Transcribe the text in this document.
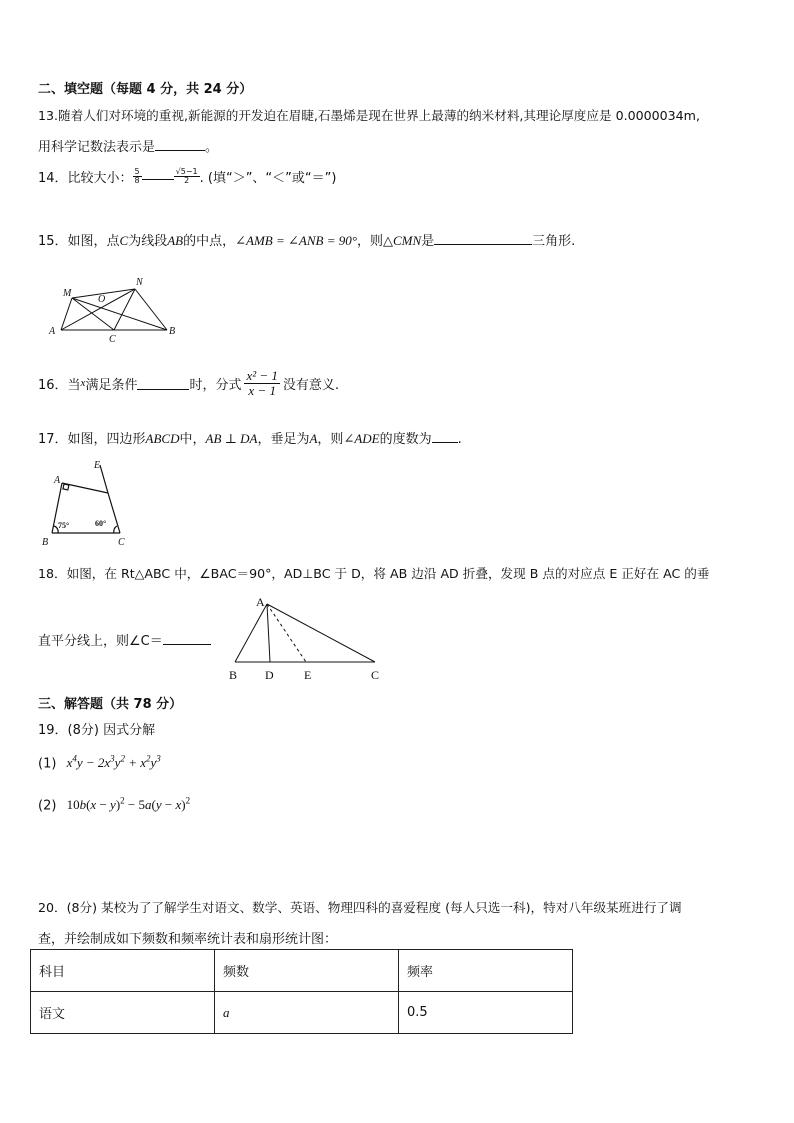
二、填空题（每题 4 分，共 24 分）
13.随着人们对环境的重视,新能源的开发迫在眉睫,石墨烯是现在世界上最薄的纳米材料,其理论厚度应是 0.0000034m,
用科学记数法表示是	。
14．比较大小： $\frac{5}{8}$	$\frac{√5-1}{2}$ . (填“＞”、“＜”或“＝”)
15．如图，点C为线段AB的中点，∠AMB = ∠ANB = 90°，则△CMN是	三角形.
M
N
O
A	B
C
16．当 x 满足条件	时，分式 $\frac{\text{x² − 1}}{x - 1}$ 没有意义.
17．如图，四边形ABCD中，AB ⊥ DA，垂足为A，则∠ADE的度数为 .
A
E
B	C
75°	60°
18．如图，在 Rt△ABC 中，∠BAC＝90°，AD⊥BC 于 D，将 AB 边沿 AD 折叠，发现 B 点的对应点 E 正好在 AC 的垂
直平分线上，则∠C＝
A
B D	E	C
三、解答题（共 78 分）
19．(8分) 因式分解
(1) $x^4y - 2x^3y^2 + x^2y^3$
(2) $10b(x - y)^2 - 5a(y - x)^2$
20．(8分) 某校为了了解学生对语文、数学、英语、物理四科的喜爱程度 (每人只选一科)，特对八年级某班进行了调
查，并绘制成如下频数和频率统计表和扇形统计图：
科目	频数	频率
语文	a	0.5
